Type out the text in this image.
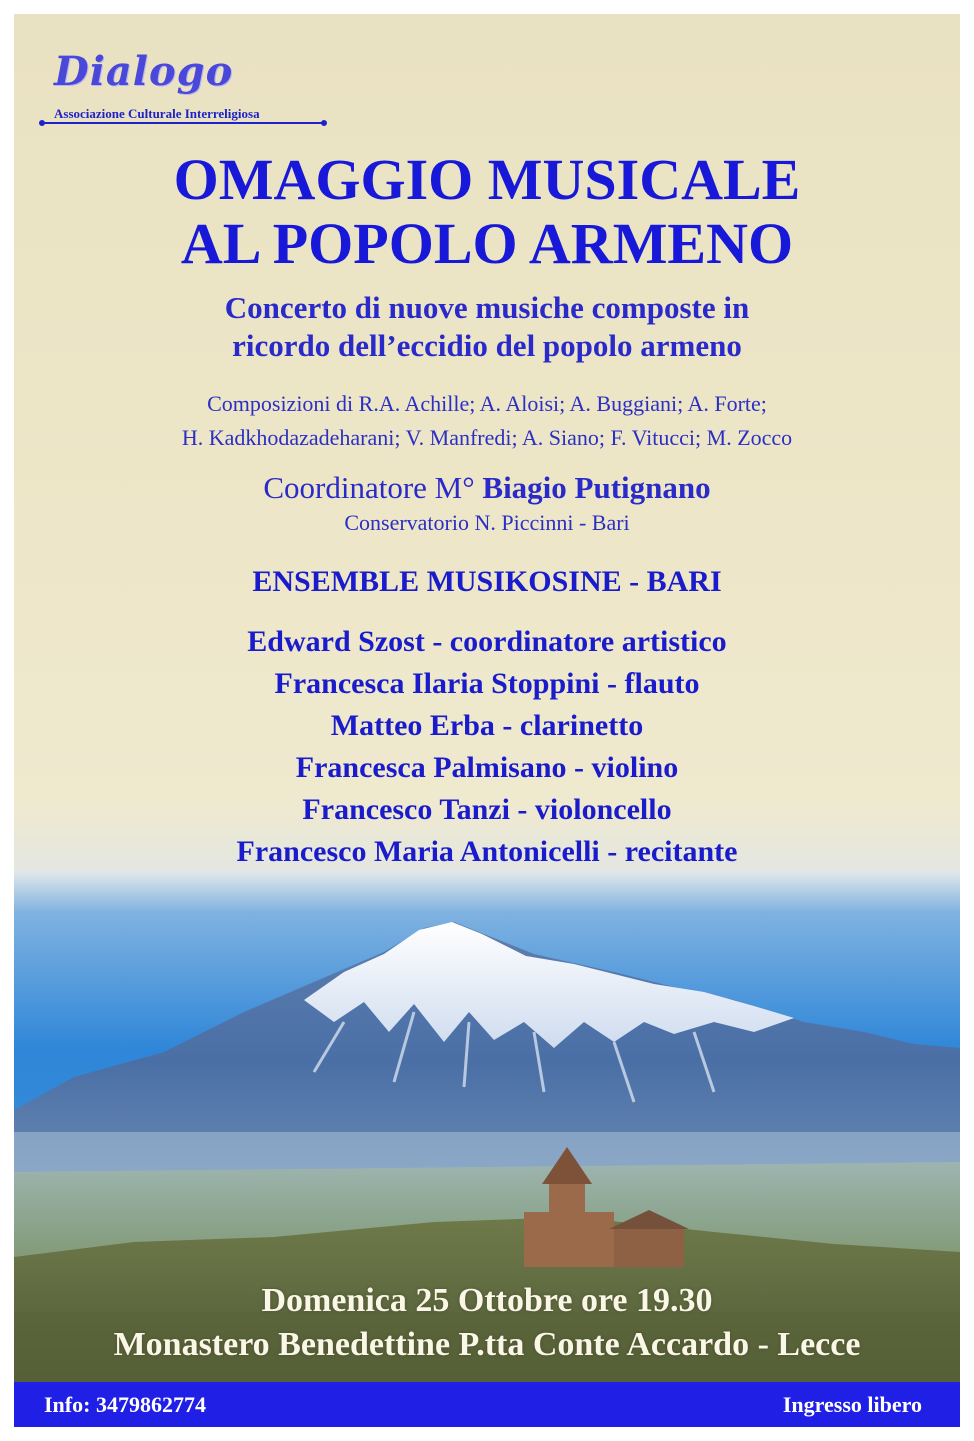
Dialogo
Associazione Culturale Interreligiosa
OMAGGIO MUSICALE
AL POPOLO ARMENO
Concerto di nuove musiche composte in
ricordo dell’eccidio del popolo armeno
Composizioni di R.A. Achille; A. Aloisi; A. Buggiani; A. Forte;
H. Kadkhodazadeharani; V. Manfredi; A. Siano; F. Vitucci; M. Zocco
Coordinatore M° Biagio Putignano
Conservatorio N. Piccinni - Bari
ENSEMBLE MUSIKOSINE - BARI
Edward Szost - coordinatore artistico
Francesca Ilaria Stoppini - flauto
Matteo Erba - clarinetto
Francesca Palmisano - violino
Francesco Tanzi - violoncello
Francesco Maria Antonicelli - recitante
Domenica 25 Ottobre ore 19.30
Monastero Benedettine P.tta Conte Accardo - Lecce
Info: 3479862774	Ingresso libero
